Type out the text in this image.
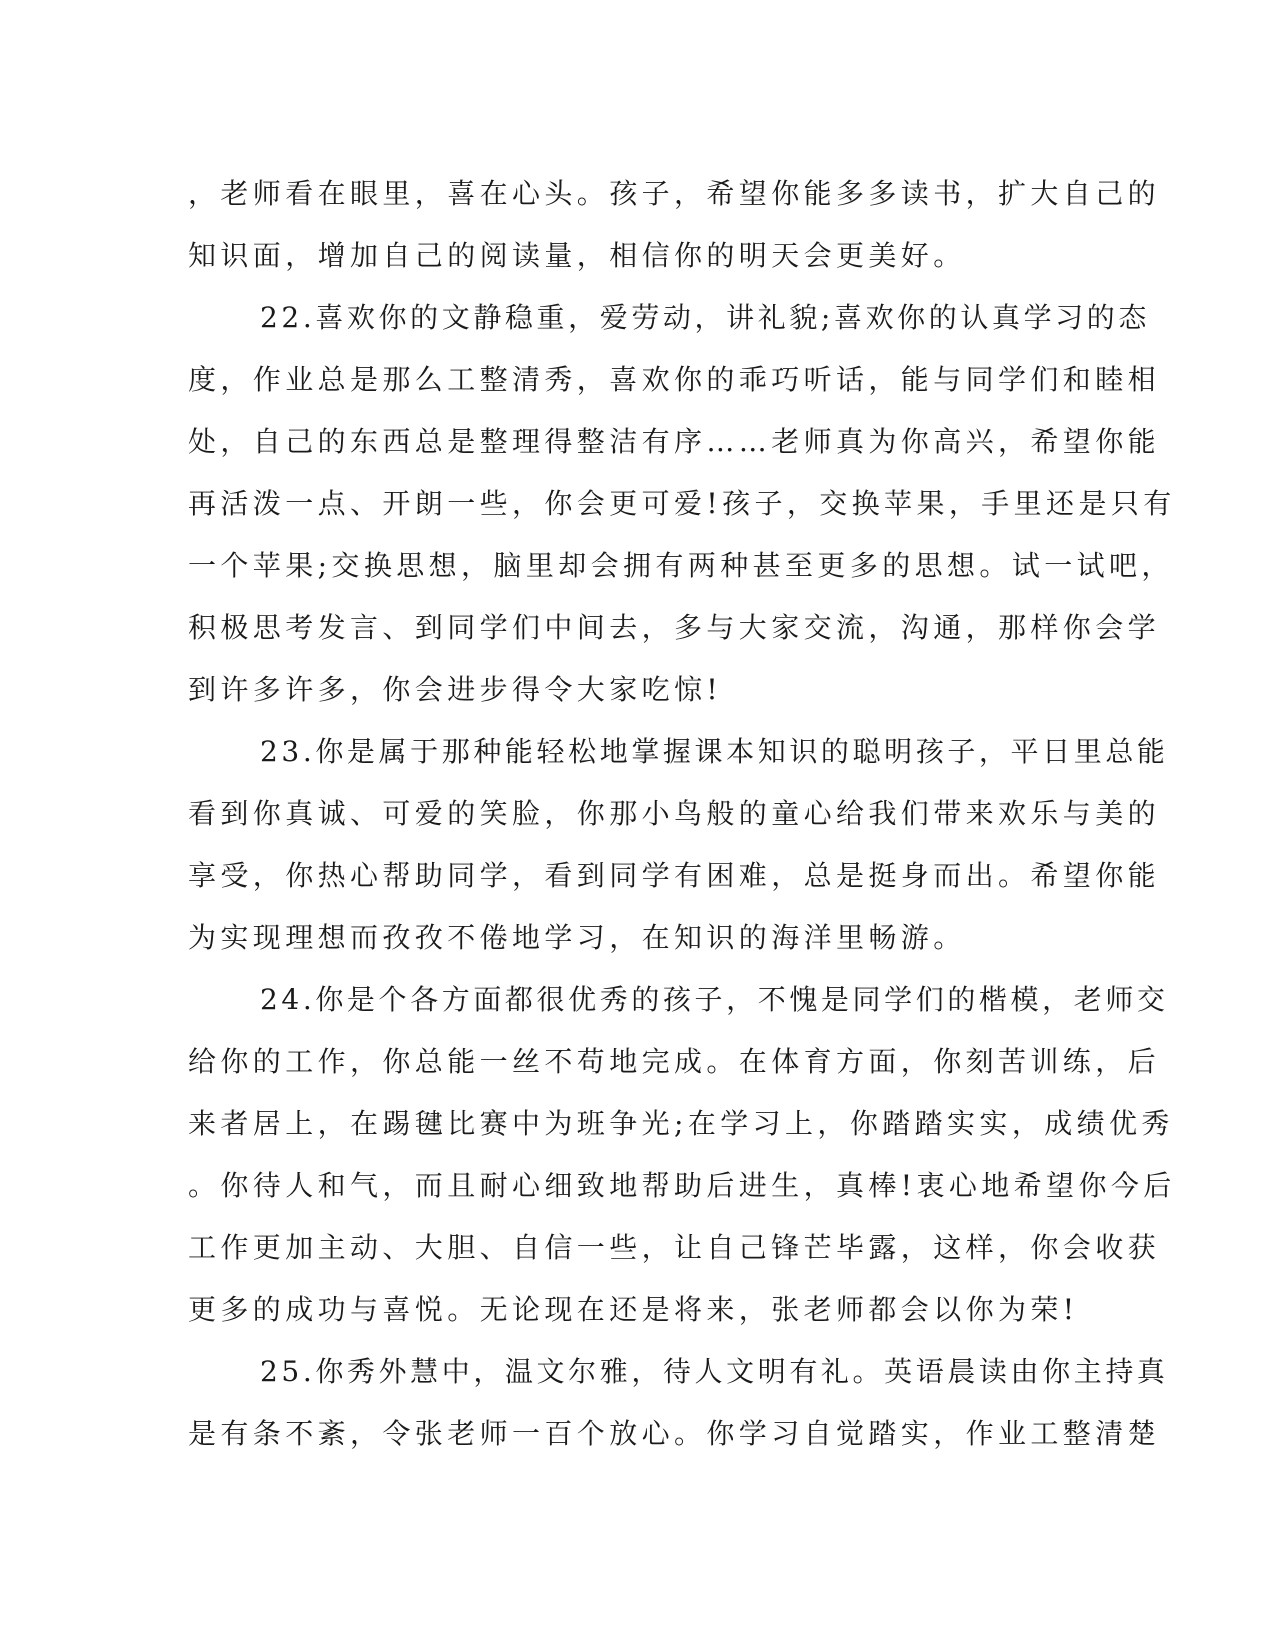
，老师看在眼里，喜在心头。孩子，希望你能多多读书，扩大自己的
知识面，增加自己的阅读量，相信你的明天会更美好。
22.喜欢你的文静稳重，爱劳动，讲礼貌;喜欢你的认真学习的态
度，作业总是那么工整清秀，喜欢你的乖巧听话，能与同学们和睦相
处，自己的东西总是整理得整洁有序……老师真为你高兴，希望你能
再活泼一点、开朗一些，你会更可爱!孩子，交换苹果，手里还是只有
一个苹果;交换思想，脑里却会拥有两种甚至更多的思想。试一试吧，
积极思考发言、到同学们中间去，多与大家交流，沟通，那样你会学
到许多许多，你会进步得令大家吃惊!
23.你是属于那种能轻松地掌握课本知识的聪明孩子，平日里总能
看到你真诚、可爱的笑脸，你那小鸟般的童心给我们带来欢乐与美的
享受，你热心帮助同学，看到同学有困难，总是挺身而出。希望你能
为实现理想而孜孜不倦地学习，在知识的海洋里畅游。
24.你是个各方面都很优秀的孩子，不愧是同学们的楷模，老师交
给你的工作，你总能一丝不苟地完成。在体育方面，你刻苦训练，后
来者居上，在踢毽比赛中为班争光;在学习上，你踏踏实实，成绩优秀
。你待人和气，而且耐心细致地帮助后进生，真棒!衷心地希望你今后
工作更加主动、大胆、自信一些，让自己锋芒毕露，这样，你会收获
更多的成功与喜悦。无论现在还是将来，张老师都会以你为荣!
25.你秀外慧中，温文尔雅，待人文明有礼。英语晨读由你主持真
是有条不紊，令张老师一百个放心。你学习自觉踏实，作业工整清楚
